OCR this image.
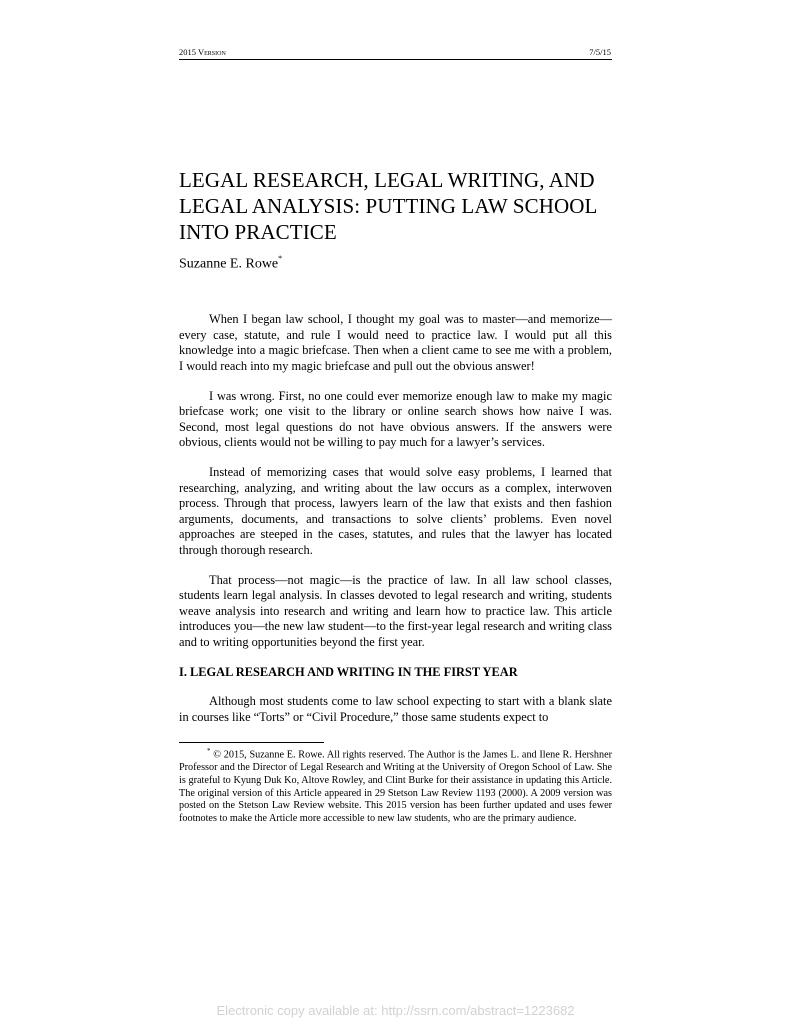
2015 Version	7/5/15
LEGAL RESEARCH, LEGAL WRITING, AND LEGAL ANALYSIS: PUTTING LAW SCHOOL INTO PRACTICE
Suzanne E. Rowe*

When I began law school, I thought my goal was to master—and memorize—every case, statute, and rule I would need to practice law. I would put all this knowledge into a magic briefcase. Then when a client came to see me with a problem, I would reach into my magic briefcase and pull out the obvious answer!

I was wrong. First, no one could ever memorize enough law to make my magic briefcase work; one visit to the library or online search shows how naive I was. Second, most legal questions do not have obvious answers. If the answers were obvious, clients would not be willing to pay much for a lawyer’s services.

Instead of memorizing cases that would solve easy problems, I learned that researching, analyzing, and writing about the law occurs as a complex, interwoven process. Through that process, lawyers learn of the law that exists and then fashion arguments, documents, and transactions to solve clients’ problems. Even novel approaches are steeped in the cases, statutes, and rules that the lawyer has located through thorough research.

That process—not magic—is the practice of law. In all law school classes, students learn legal analysis. In classes devoted to legal research and writing, students weave analysis into research and writing and learn how to practice law. This article introduces you—the new law student—to the first-year legal research and writing class and to writing opportunities beyond the first year.

I. LEGAL RESEARCH AND WRITING IN THE FIRST YEAR

Although most students come to law school expecting to start with a blank slate in courses like “Torts” or “Civil Procedure,” those same students expect to

* © 2015, Suzanne E. Rowe. All rights reserved. The Author is the James L. and Ilene R. Hershner Professor and the Director of Legal Research and Writing at the University of Oregon School of Law. She is grateful to Kyung Duk Ko, Altove Rowley, and Clint Burke for their assistance in updating this Article. The original version of this Article appeared in 29 Stetson Law Review 1193 (2000). A 2009 version was posted on the Stetson Law Review website. This 2015 version has been further updated and uses fewer footnotes to make the Article more accessible to new law students, who are the primary audience.

Electronic copy available at: http://ssrn.com/abstract=1223682
